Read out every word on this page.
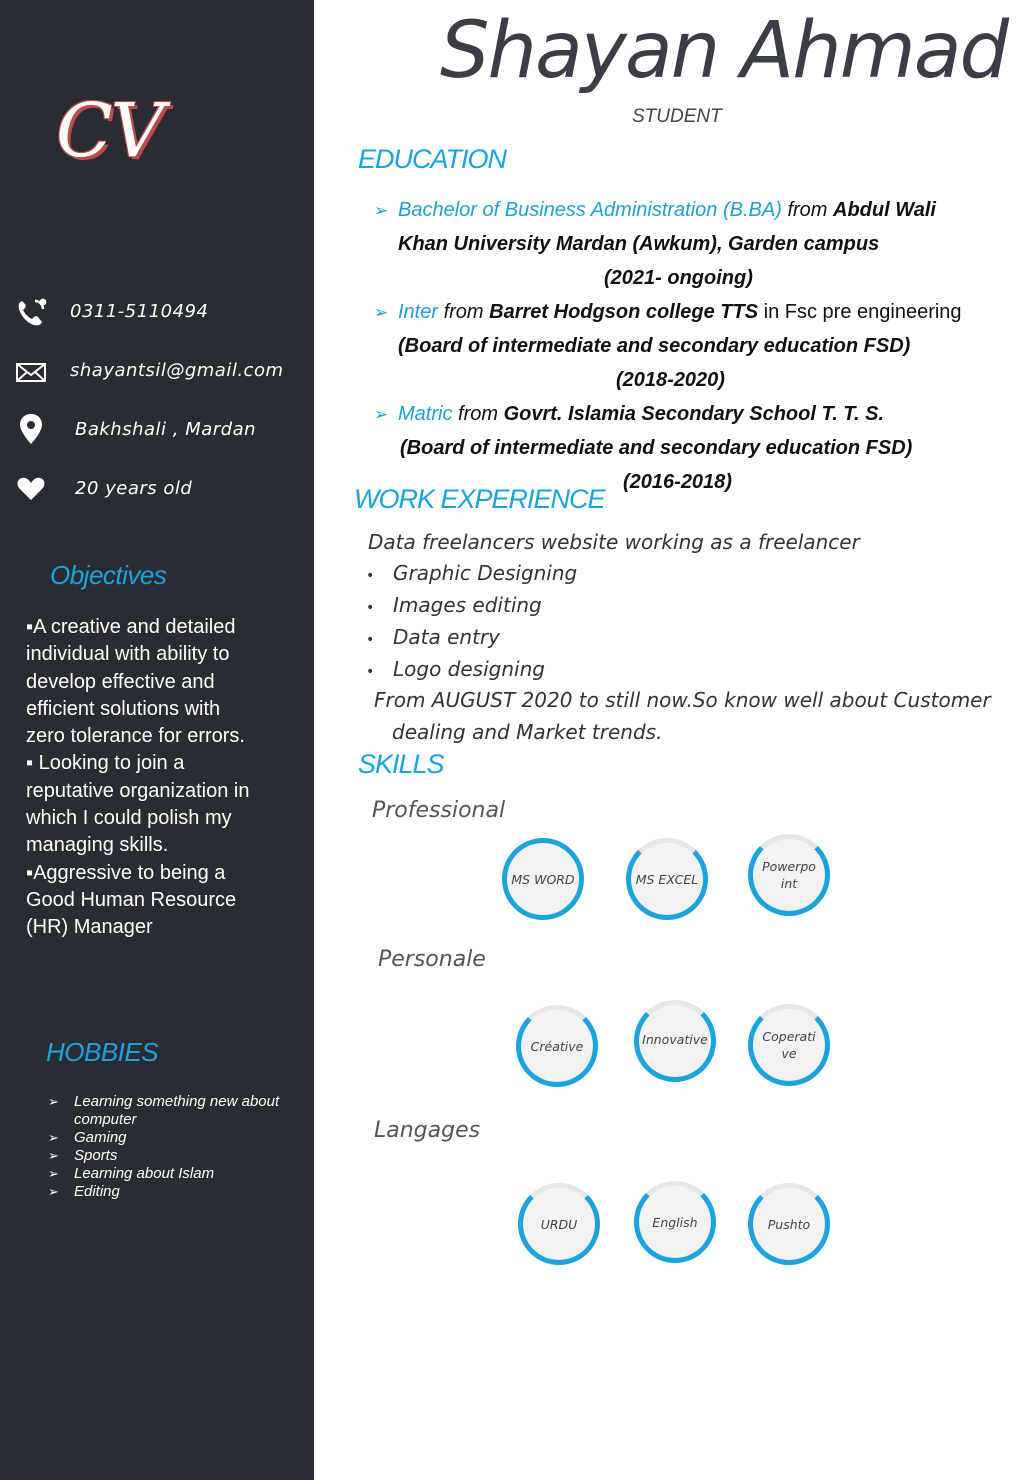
CV
0311-5110494
shayantsil@gmail.com
Bakhshali , Mardan
20 years old
Objectives
▪A creative and detailed
individual with ability to
develop effective and
efficient solutions with
zero tolerance for errors.
▪ Looking to join a
reputative organization in
which I could polish my
managing skills.
▪Aggressive to being a
Good Human Resource
(HR) Manager
HOBBIES
➢ Learning something new about computer
➢ Gaming
➢ Sports
➢ Learning about Islam
➢ Editing
Shayan Ahmad
STUDENT
EDUCATION
➢ Bachelor of Business Administration (B.BA) from Abdul Wali
Khan University Mardan (Awkum), Garden campus
(2021- ongoing)
➢ Inter from Barret Hodgson college TTS in Fsc pre engineering
(Board of intermediate and secondary education FSD)
(2018-2020)
➢ Matric from Govrt. Islamia Secondary School T. T. S.
(Board of intermediate and secondary education FSD)
(2016-2018)
WORK EXPERIENCE
Data freelancers website working as a freelancer
• Graphic Designing
• Images editing
• Data entry
• Logo designing
From AUGUST 2020 to still now.So know well about Customer
dealing and Market trends.
SKILLS
Professional
MS WORD	MS EXCEL
Powerpoint
Personale
Créative	Innovative	Coperative
Langages
URDU	English	Pushto
